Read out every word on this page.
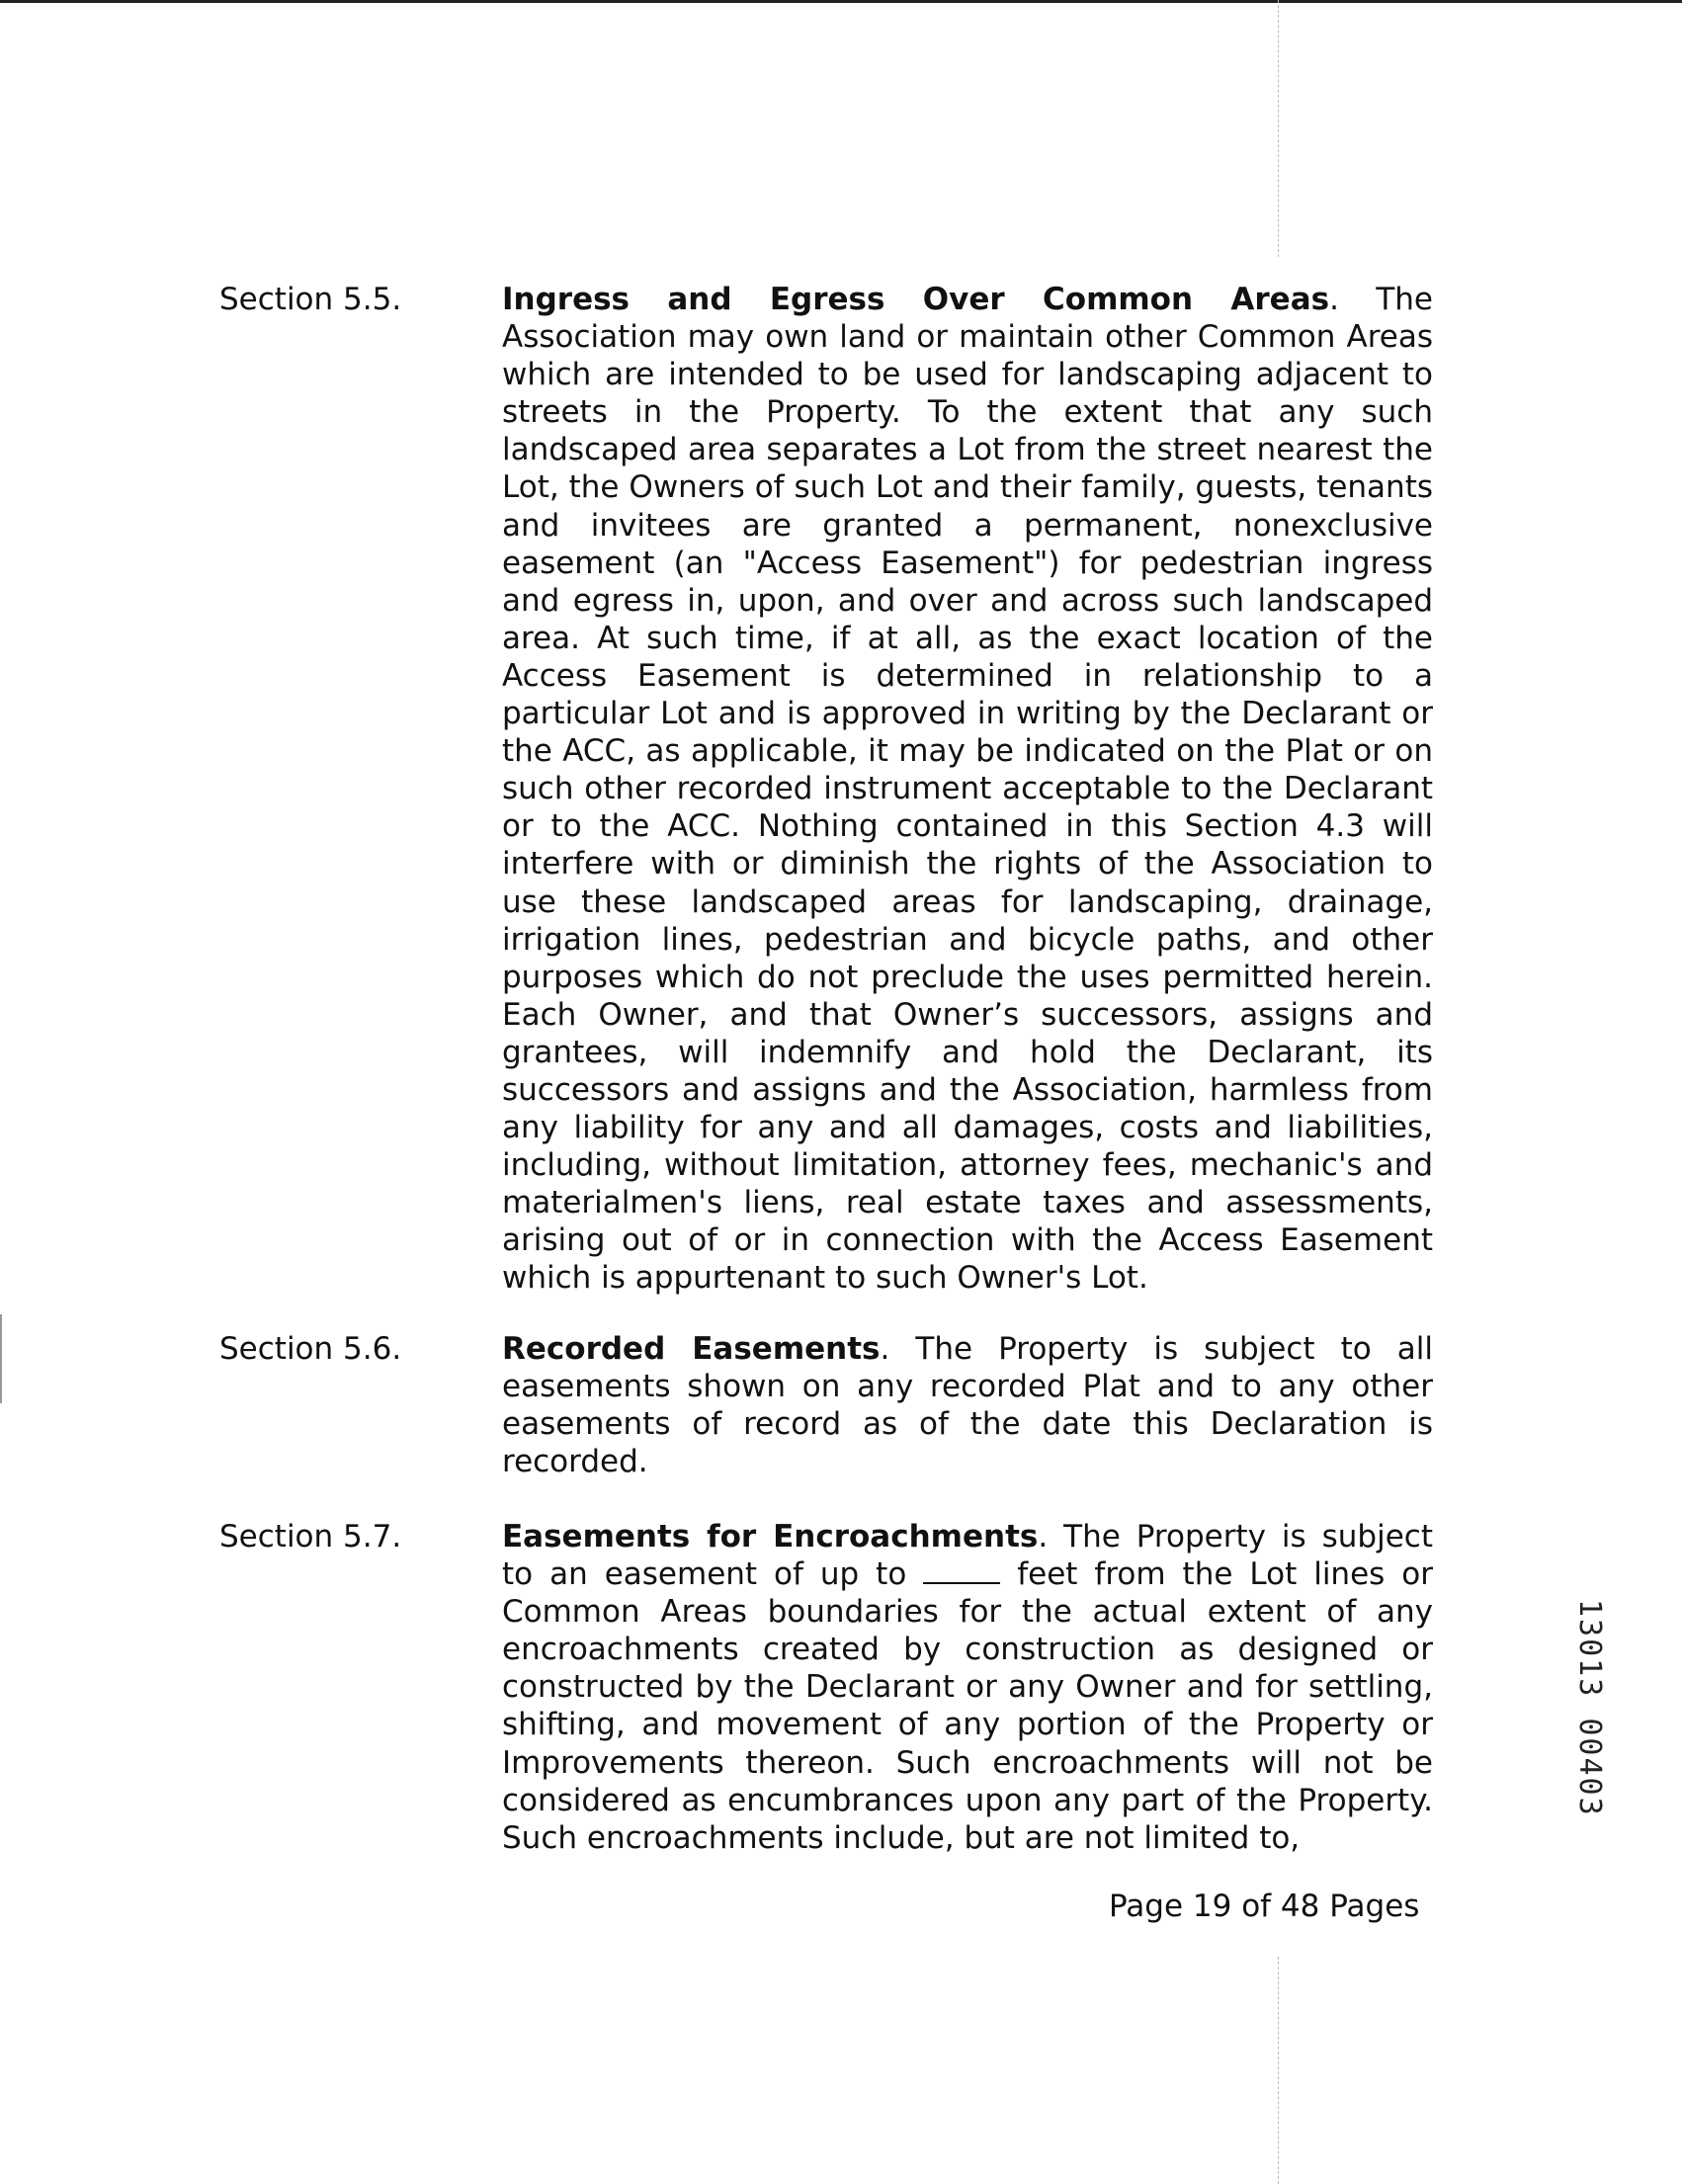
Section 5.5.	Ingress and Egress Over Common Areas. The Association may own land or maintain other Common Areas which are intended to be used for landscaping adjacent to streets in the Property. To the extent that any such landscaped area separates a Lot from the street nearest the Lot, the Owners of such Lot and their family, guests, tenants and invitees are granted a permanent, nonexclusive easement (an "Access Easement") for pedestrian ingress and egress in, upon, and over and across such landscaped area. At such time, if at all, as the exact location of the Access Easement is determined in relationship to a particular Lot and is approved in writing by the Declarant or the ACC, as applicable, it may be indicated on the Plat or on such other recorded instrument acceptable to the Declarant or to the ACC. Nothing contained in this Section 4.3 will interfere with or diminish the rights of the Association to use these landscaped areas for landscaping, drainage, irrigation lines, pedestrian and bicycle paths, and other purposes which do not preclude the uses permitted herein. Each Owner, and that Owner’s successors, assigns and grantees, will indemnify and hold the Declarant, its successors and assigns and the Association, harmless from any liability for any and all damages, costs and liabilities, including, without limitation, attorney fees, mechanic's and materialmen's liens, real estate taxes and assessments, arising out of or in connection with the Access Easement which is appurtenant to such Owner's Lot.
Section 5.6.	Recorded Easements. The Property is subject to all easements shown on any recorded Plat and to any other easements of record as of the date this Declaration is recorded.
Section 5.7.	Easements for Encroachments. The Property is subject to an easement of up to	feet from the Lot lines or Common Areas boundaries for the actual extent of any encroachments created by construction as designed or constructed by the Declarant or any Owner and for settling, shifting, and movement of any portion of the Property or Improvements thereon. Such encroachments will not be considered as encumbrances upon any part of the Property. Such encroachments include, but are not limited to,
Page 19 of 48 Pages
13013 00403
